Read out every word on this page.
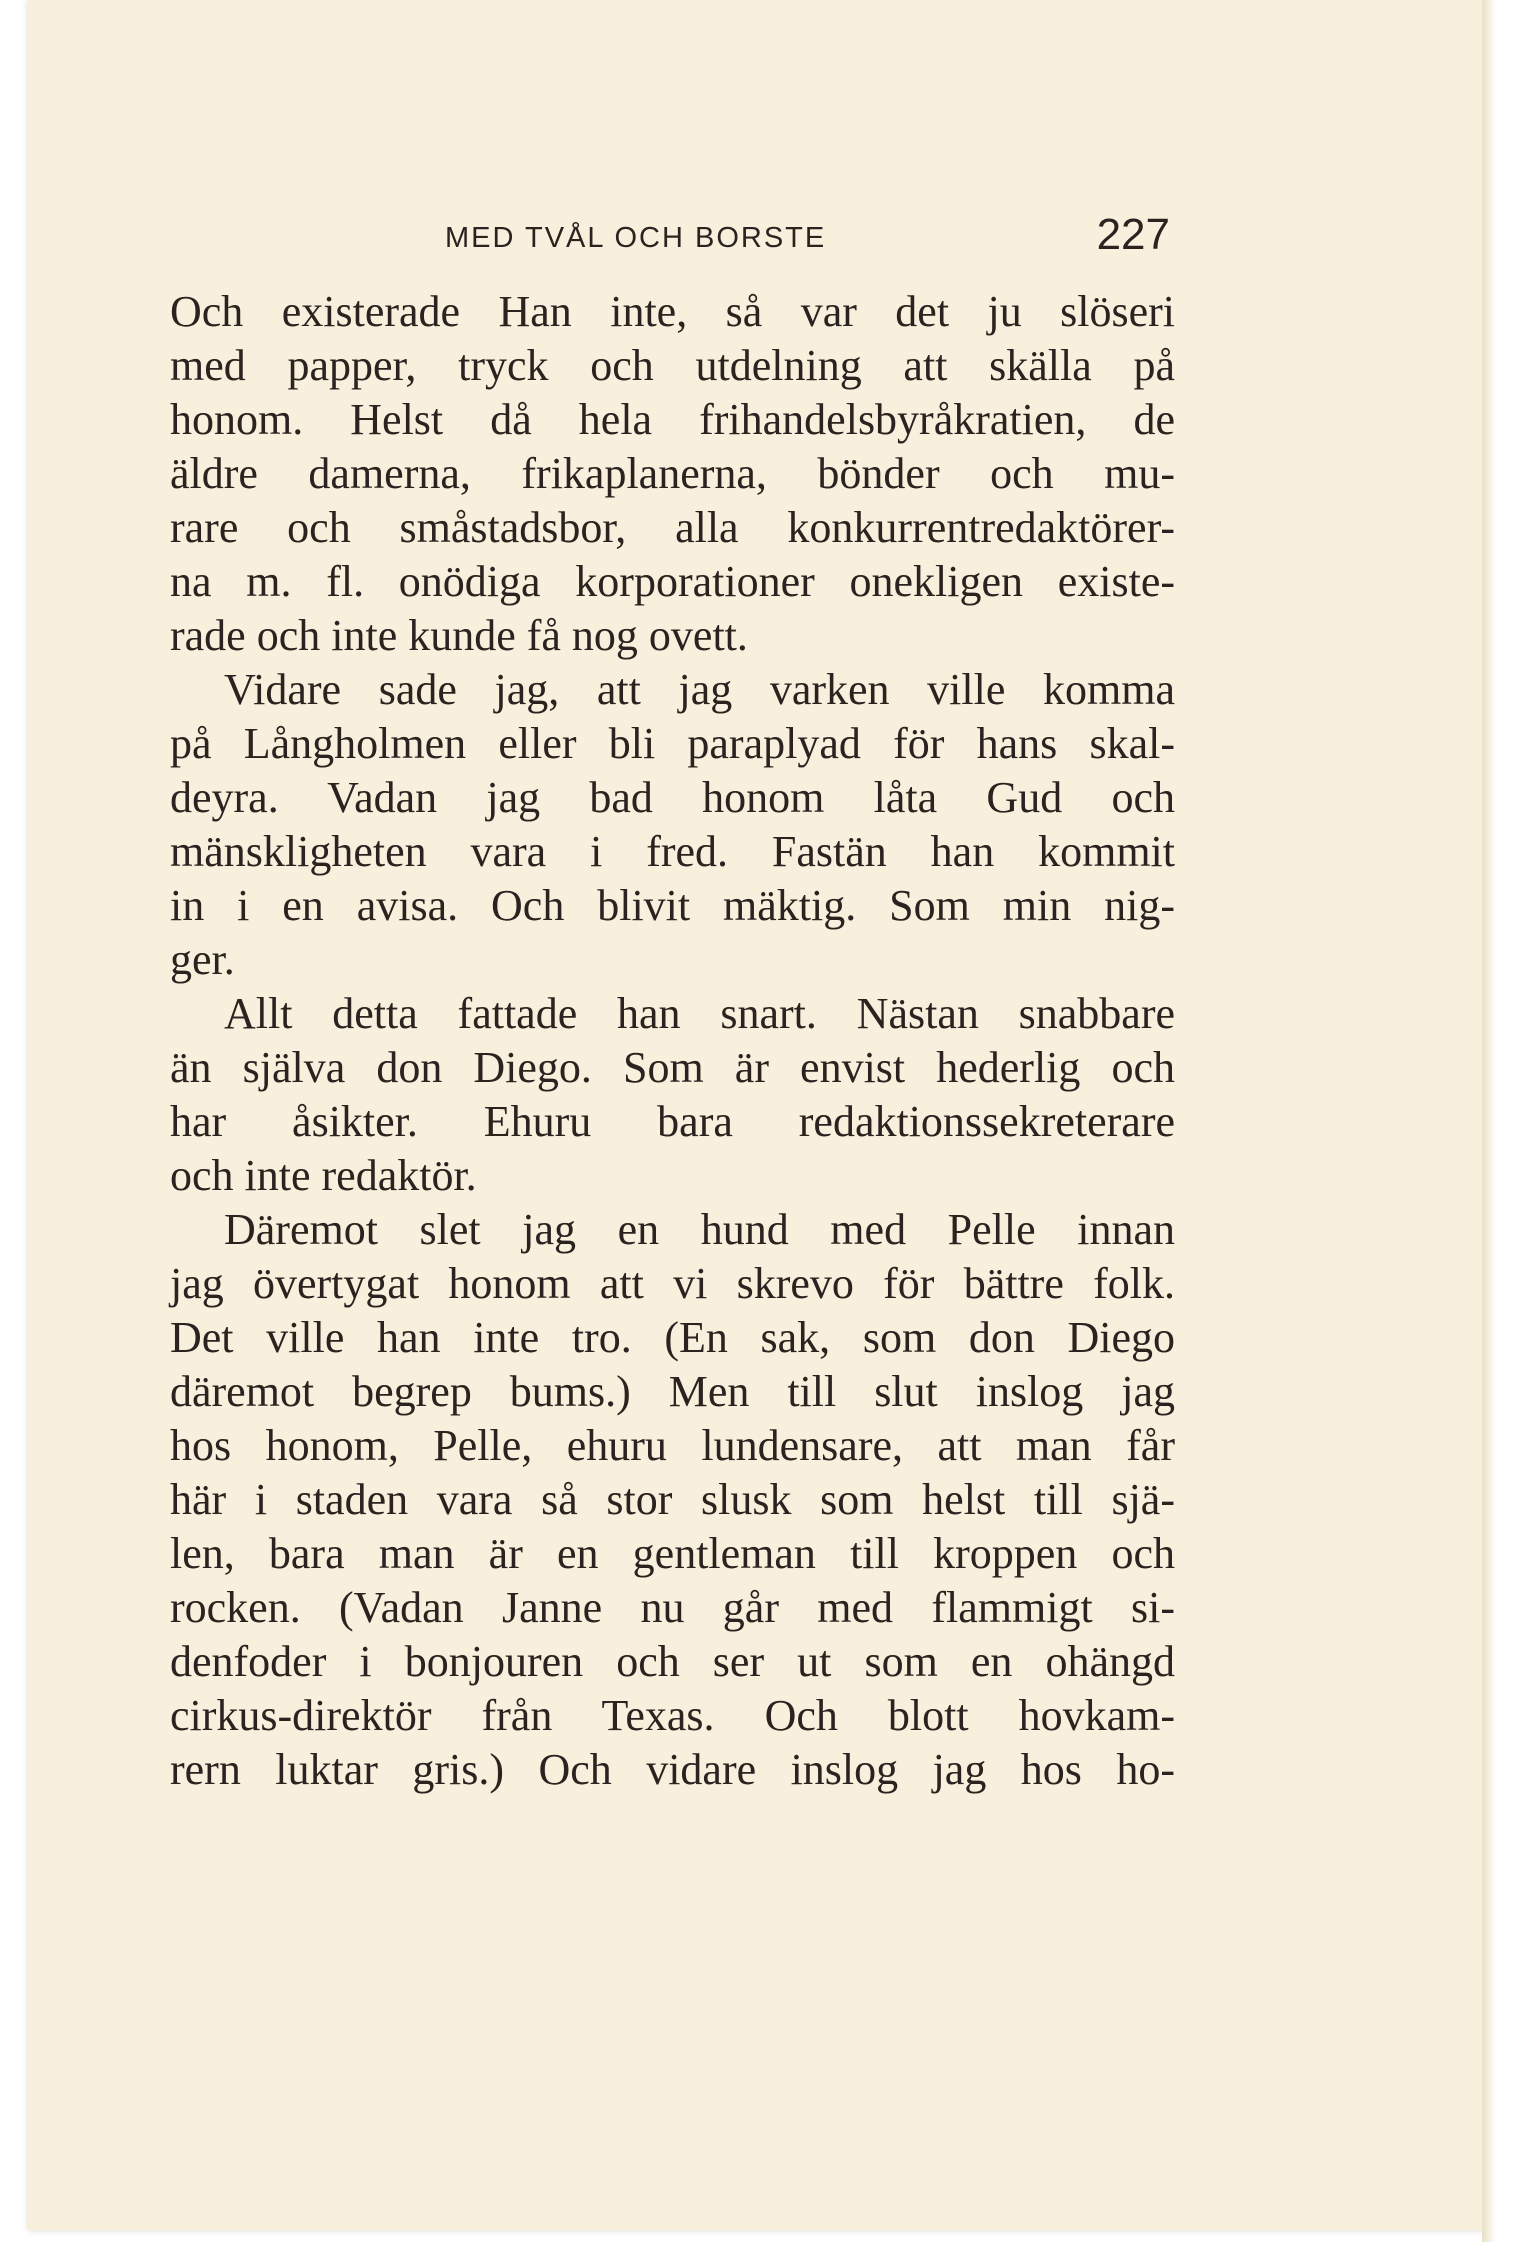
MED TVÅL OCH BORSTE	227
Och existerade Han inte, så var det ju slöseri
med papper, tryck och utdelning att skälla på
honom. Helst då hela frihandelsbyråkratien, de
äldre damerna, frikaplanerna, bönder och mu-
rare och småstadsbor, alla konkurrentredaktörer-
na m. fl. onödiga korporationer onekligen existe-
rade och inte kunde få nog ovett.
Vidare sade jag, att jag varken ville komma
på Långholmen eller bli paraplyad för hans skal-
deyra. Vadan jag bad honom låta Gud och
mänskligheten vara i fred. Fastän han kommit
in i en avisa. Och blivit mäktig. Som min nig-
ger.
Allt detta fattade han snart. Nästan snabbare
än själva don Diego. Som är envist hederlig och
har åsikter. Ehuru bara redaktionssekreterare
och inte redaktör.
Däremot slet jag en hund med Pelle innan
jag övertygat honom att vi skrevo för bättre folk.
Det ville han inte tro. (En sak, som don Diego
däremot begrep bums.) Men till slut inslog jag
hos honom, Pelle, ehuru lundensare, att man får
här i staden vara så stor slusk som helst till sjä-
len, bara man är en gentleman till kroppen och
rocken. (Vadan Janne nu går med flammigt si-
denfoder i bonjouren och ser ut som en ohängd
cirkus-direktör från Texas. Och blott hovkam-
rern luktar gris.) Och vidare inslog jag hos ho-
